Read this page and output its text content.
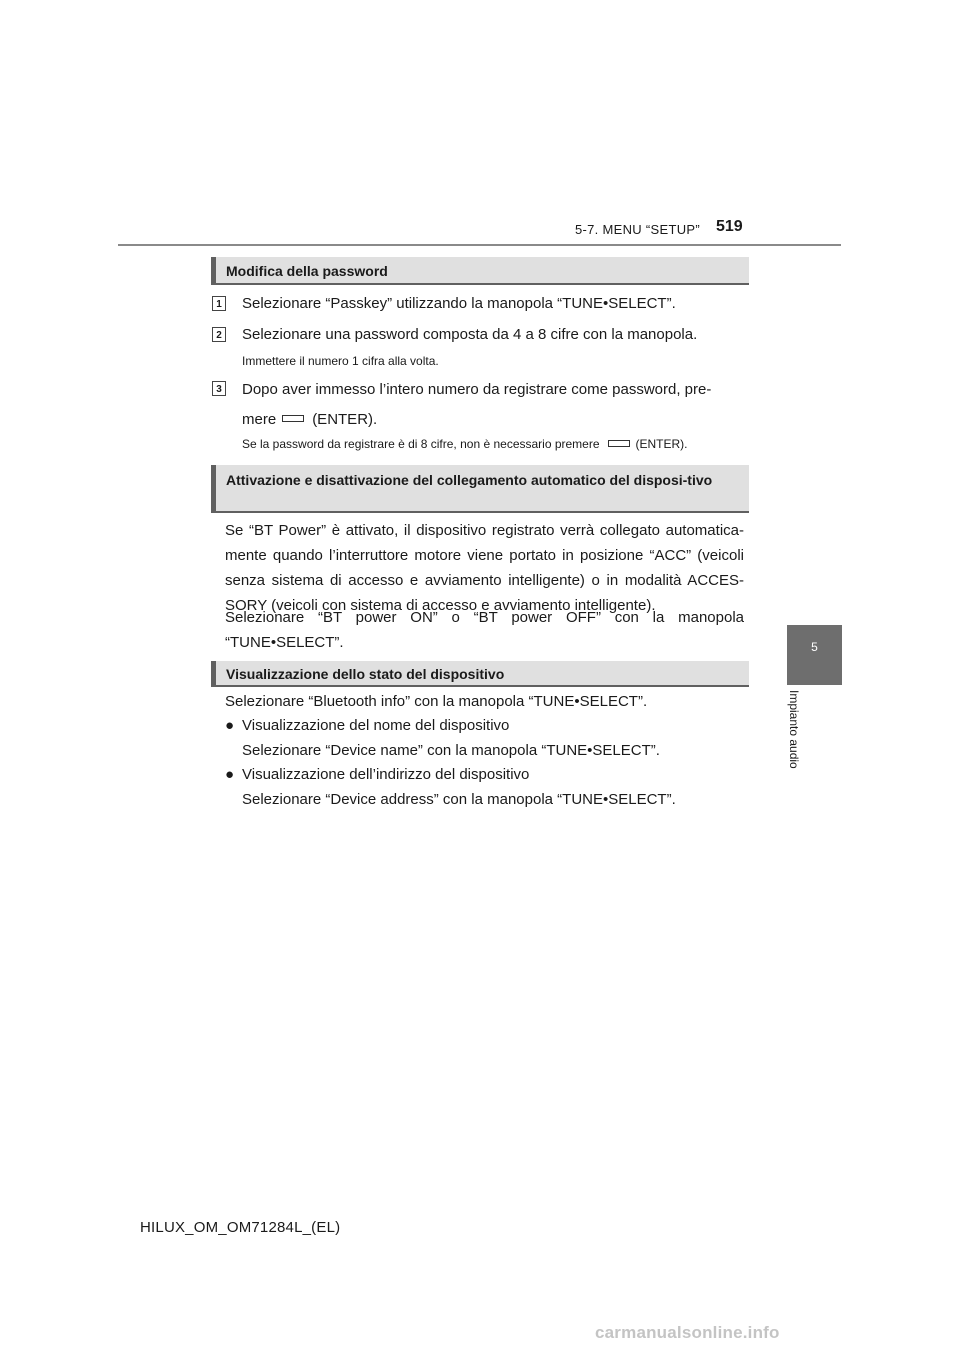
5-7. MENU “SETUP” 519
5
Impianto audio
Modifica della password
1 Selezionare “Passkey” utilizzando la manopola “TUNE•SELECT”.
2 Selezionare una password composta da 4 a 8 cifre con la manopola.
Immettere il numero 1 cifra alla volta.
3 Dopo aver immesso l’intero numero da registrare come password, pre-
mere (ENTER).
Se la password da registrare è di 8 cifre, non è necessario premere	(ENTER).
Attivazione e disattivazione del collegamento automatico del disposi-tivo
Se “BT Power” è attivato, il dispositivo registrato verrà collegato automatica-mente quando l’interruttore motore viene portato in posizione “ACC” (veicoli senza sistema di accesso e avviamento intelligente) o in modalità ACCES-SORY (veicoli con sistema di accesso e avviamento intelligente).
Selezionare “BT power ON” o “BT power OFF” con la manopola “TUNE•SELECT”.
Visualizzazione dello stato del dispositivo
Selezionare “Bluetooth info” con la manopola “TUNE•SELECT”.
● Visualizzazione del nome del dispositivo
Selezionare “Device name” con la manopola “TUNE•SELECT”.
● Visualizzazione dell’indirizzo del dispositivo
Selezionare “Device address” con la manopola “TUNE•SELECT”.
HILUX_OM_OM71284L_(EL)
carmanualsonline.info
